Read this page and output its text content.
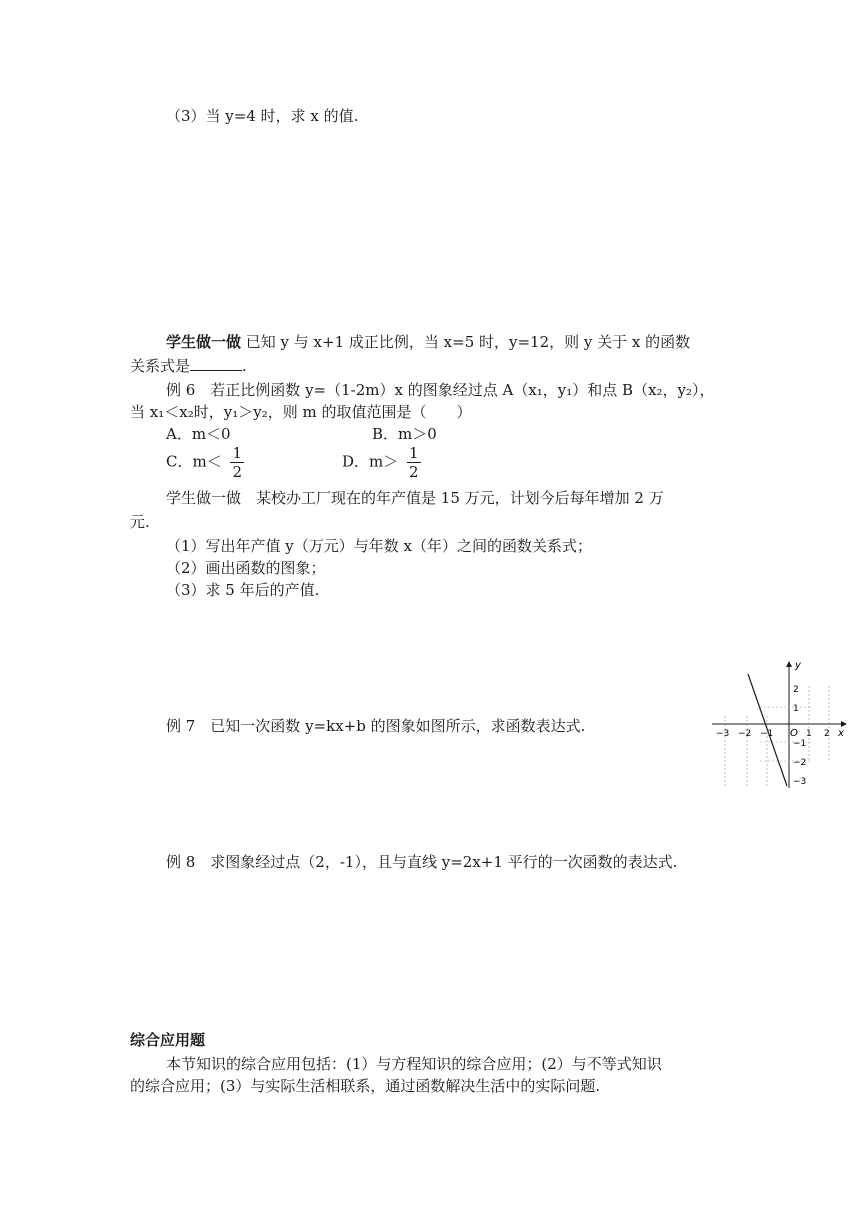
（3）当 y=4 时，求 x 的值.
学生做一做 已知 y 与 x+1 成正比例，当 x=5 时，y=12，则 y 关于 x 的函数
关系式是	.
例 6　若正比例函数 y=（1-2m）x 的图象经过点 A（x₁，y₁）和点 B（x₂，y₂），
当 x₁＜x₂时，y₁＞y₂，则 m 的取值范围是（　　）
A．m＜0	B．m＞0
C．$m< \frac{1}{2}$	D．$m> \frac{1}{2}$
学生做一做　某校办工厂现在的年产值是 15 万元，计划今后每年增加 2 万
元.
（1）写出年产值 y（万元）与年数 x（年）之间的函数关系式；
（2）画出函数的图象；
（3）求 5 年后的产值.
例 7　已知一次函数 y=kx+b 的图象如图所示，求函数表达式.
y
x
O
−3 −2 −1	1 2
2
1
−1
−2
−3
例 8　求图象经过点（2，-1），且与直线 y=2x+1 平行的一次函数的表达式.
综合应用题
本节知识的综合应用包括：(1）与方程知识的综合应用；(2）与不等式知识
的综合应用；(3）与实际生活相联系，通过函数解决生活中的实际问题.
